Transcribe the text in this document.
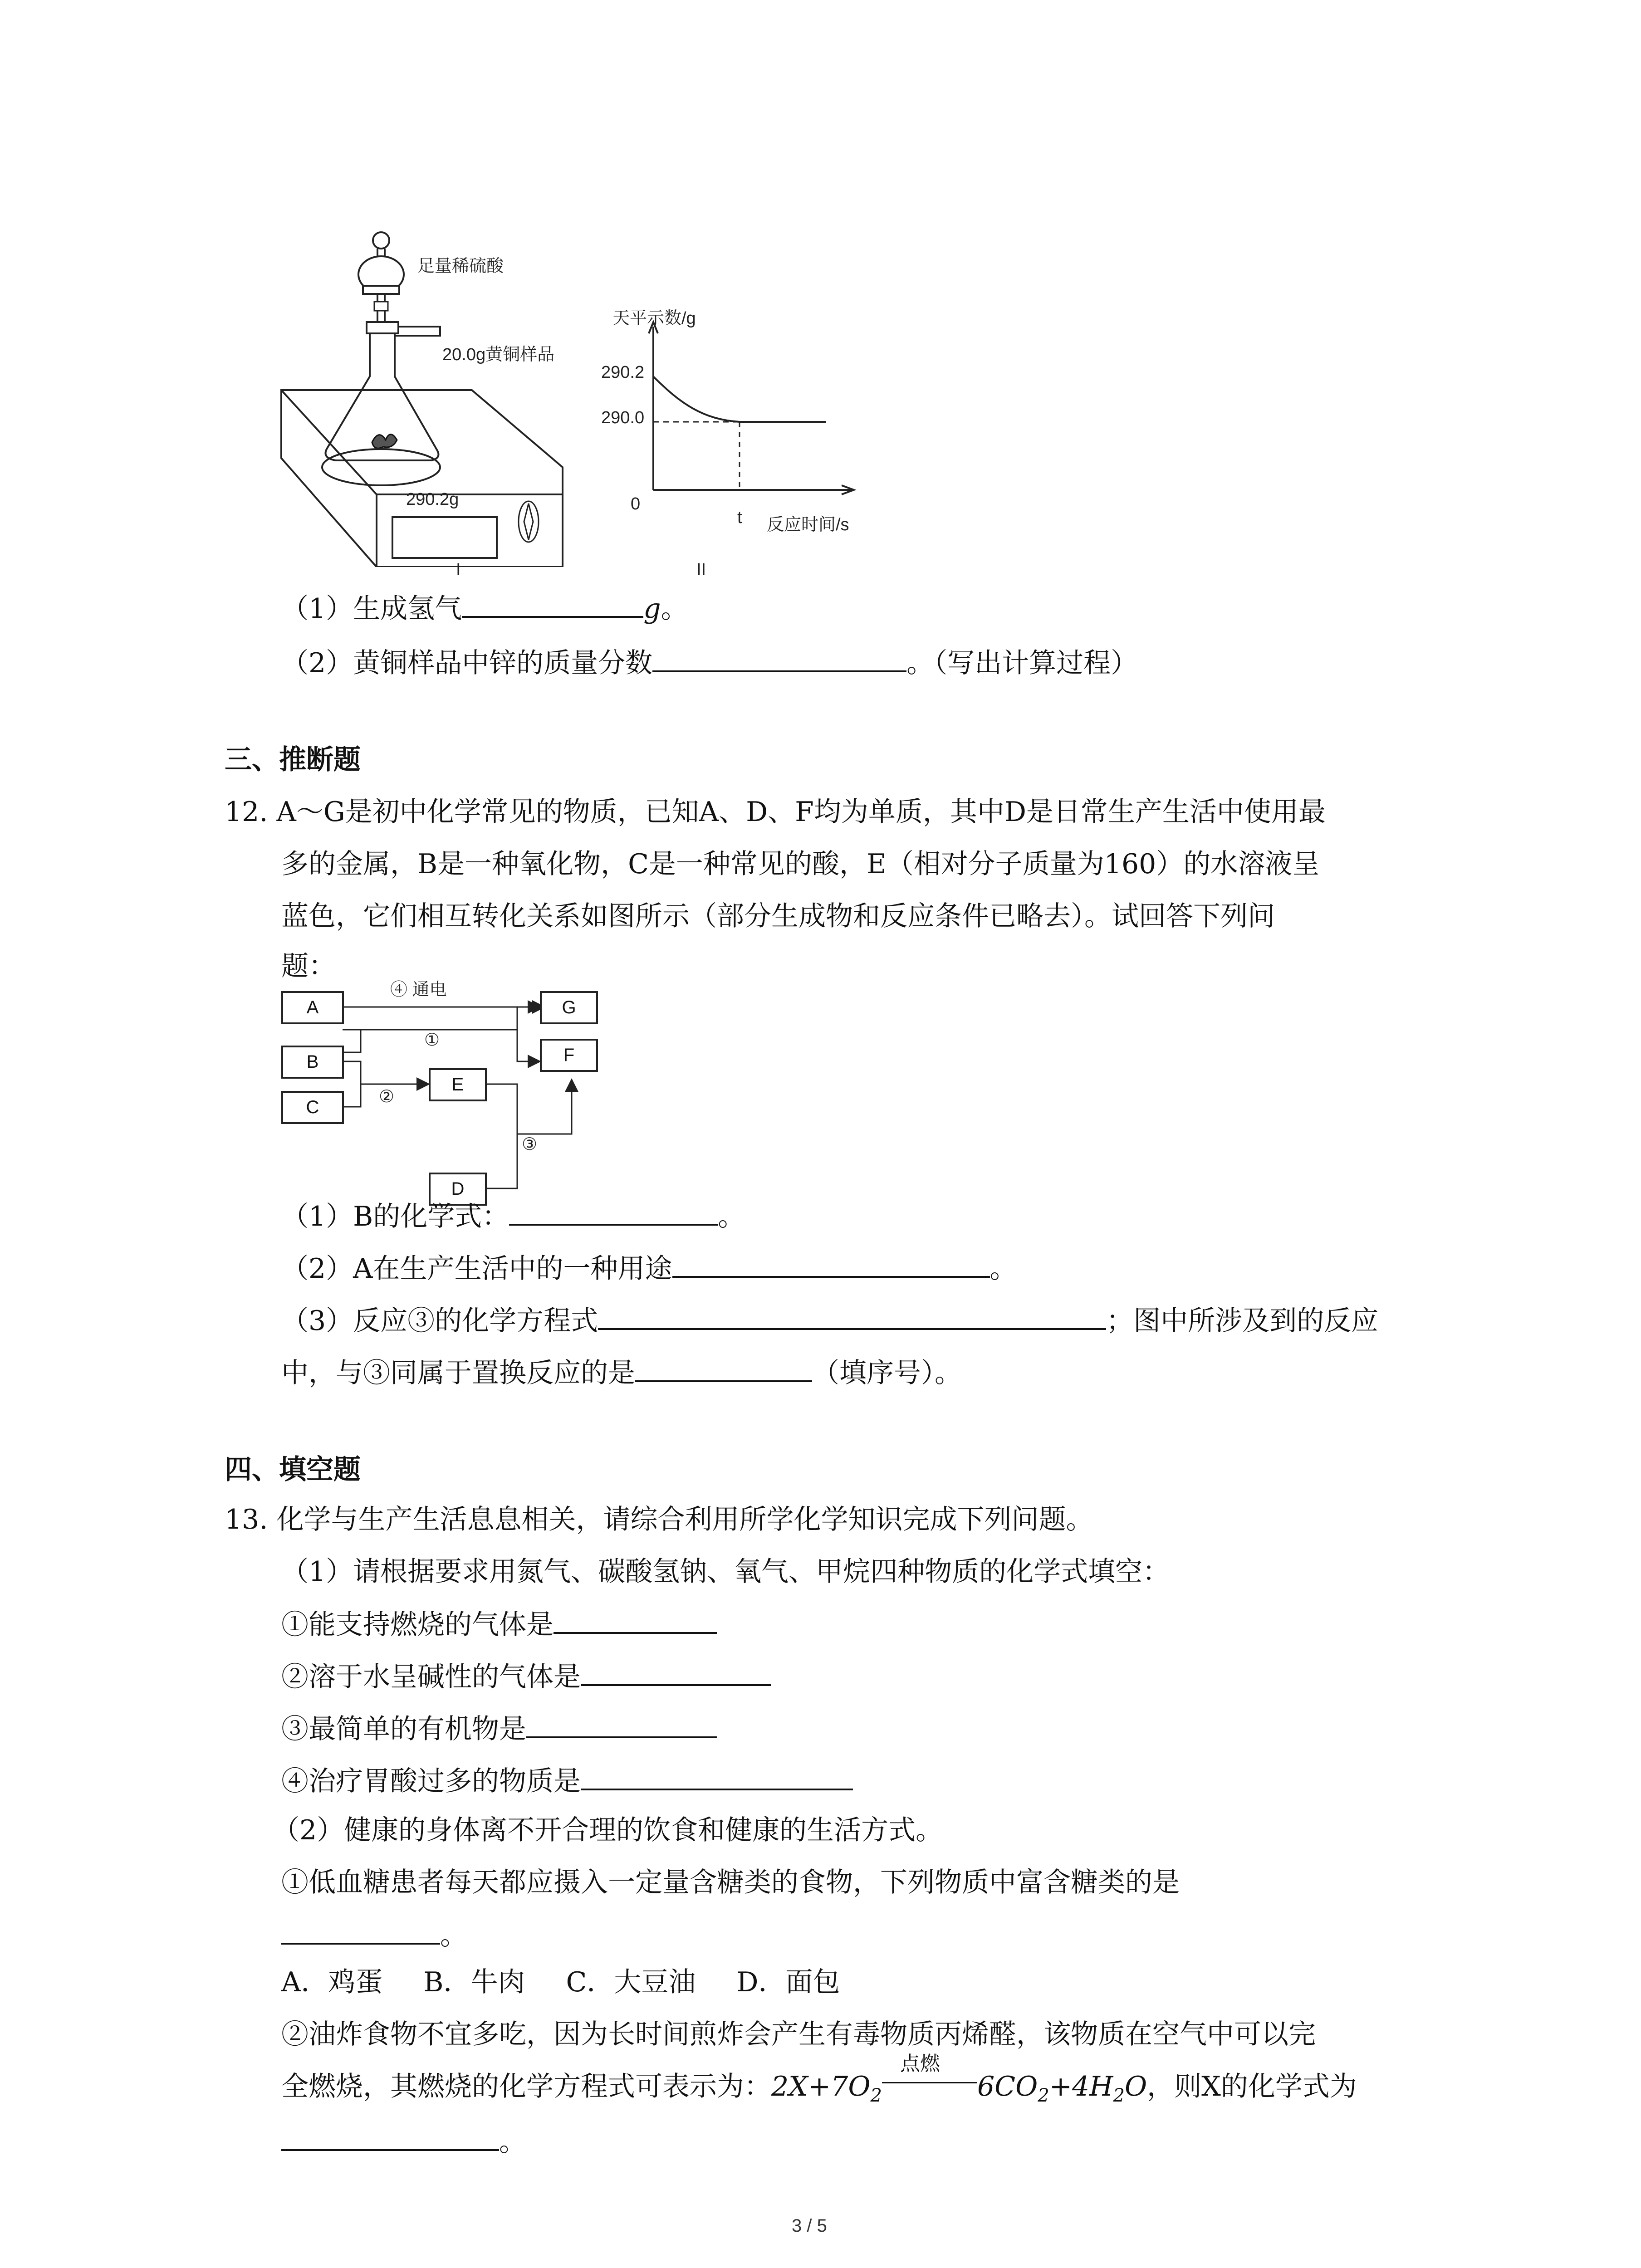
足量稀硫酸
20.0g黄铜样品
290.2g
I
天平示数/g
290.2
290.0
0
t 反应时间/s
II
（1）生成氢气	g。
（2）黄铜样品中锌的质量分数	。（写出计算过程）
三、推断题
12. A～G是初中化学常见的物质，已知A、D、F均为单质，其中D是日常生产生活中使用最
多的金属，B是一种氧化物，C是一种常见的酸，E（相对分子质量为160）的水溶液呈
蓝色，它们相互转化关系如图所示（部分生成物和反应条件已略去）。试回答下列问
题：
A
B
C
E
D
G
F
④ 通电
①
②
③
（1）B的化学式：	。
（2）A在生产生活中的一种用途	。
（3）反应③的化学方程式	；图中所涉及到的反应
中，与③同属于置换反应的是	（填序号）。
四、填空题
13. 化学与生产生活息息相关，请综合利用所学化学知识完成下列问题。
（1）请根据要求用氮气、碳酸氢钠、氧气、甲烷四种物质的化学式填空：
①能支持燃烧的气体是
②溶于水呈碱性的气体是
③最简单的有机物是
④治疗胃酸过多的物质是
（2）健康的身体离不开合理的饮食和健康的生活方式。
①低血糖患者每天都应摄入一定量含糖类的食物，下列物质中富含糖类的是
。
A．鸡蛋 B．牛肉 C．大豆油 D．面包
②油炸食物不宜多吃，因为长时间煎炸会产生有毒物质丙烯醛，该物质在空气中可以完
全燃烧，其燃烧的化学方程式可表示为：$2X+7O_2$
点燃
$6CO_2+4H_2O$，则X的化学式为
。
3 / 5
